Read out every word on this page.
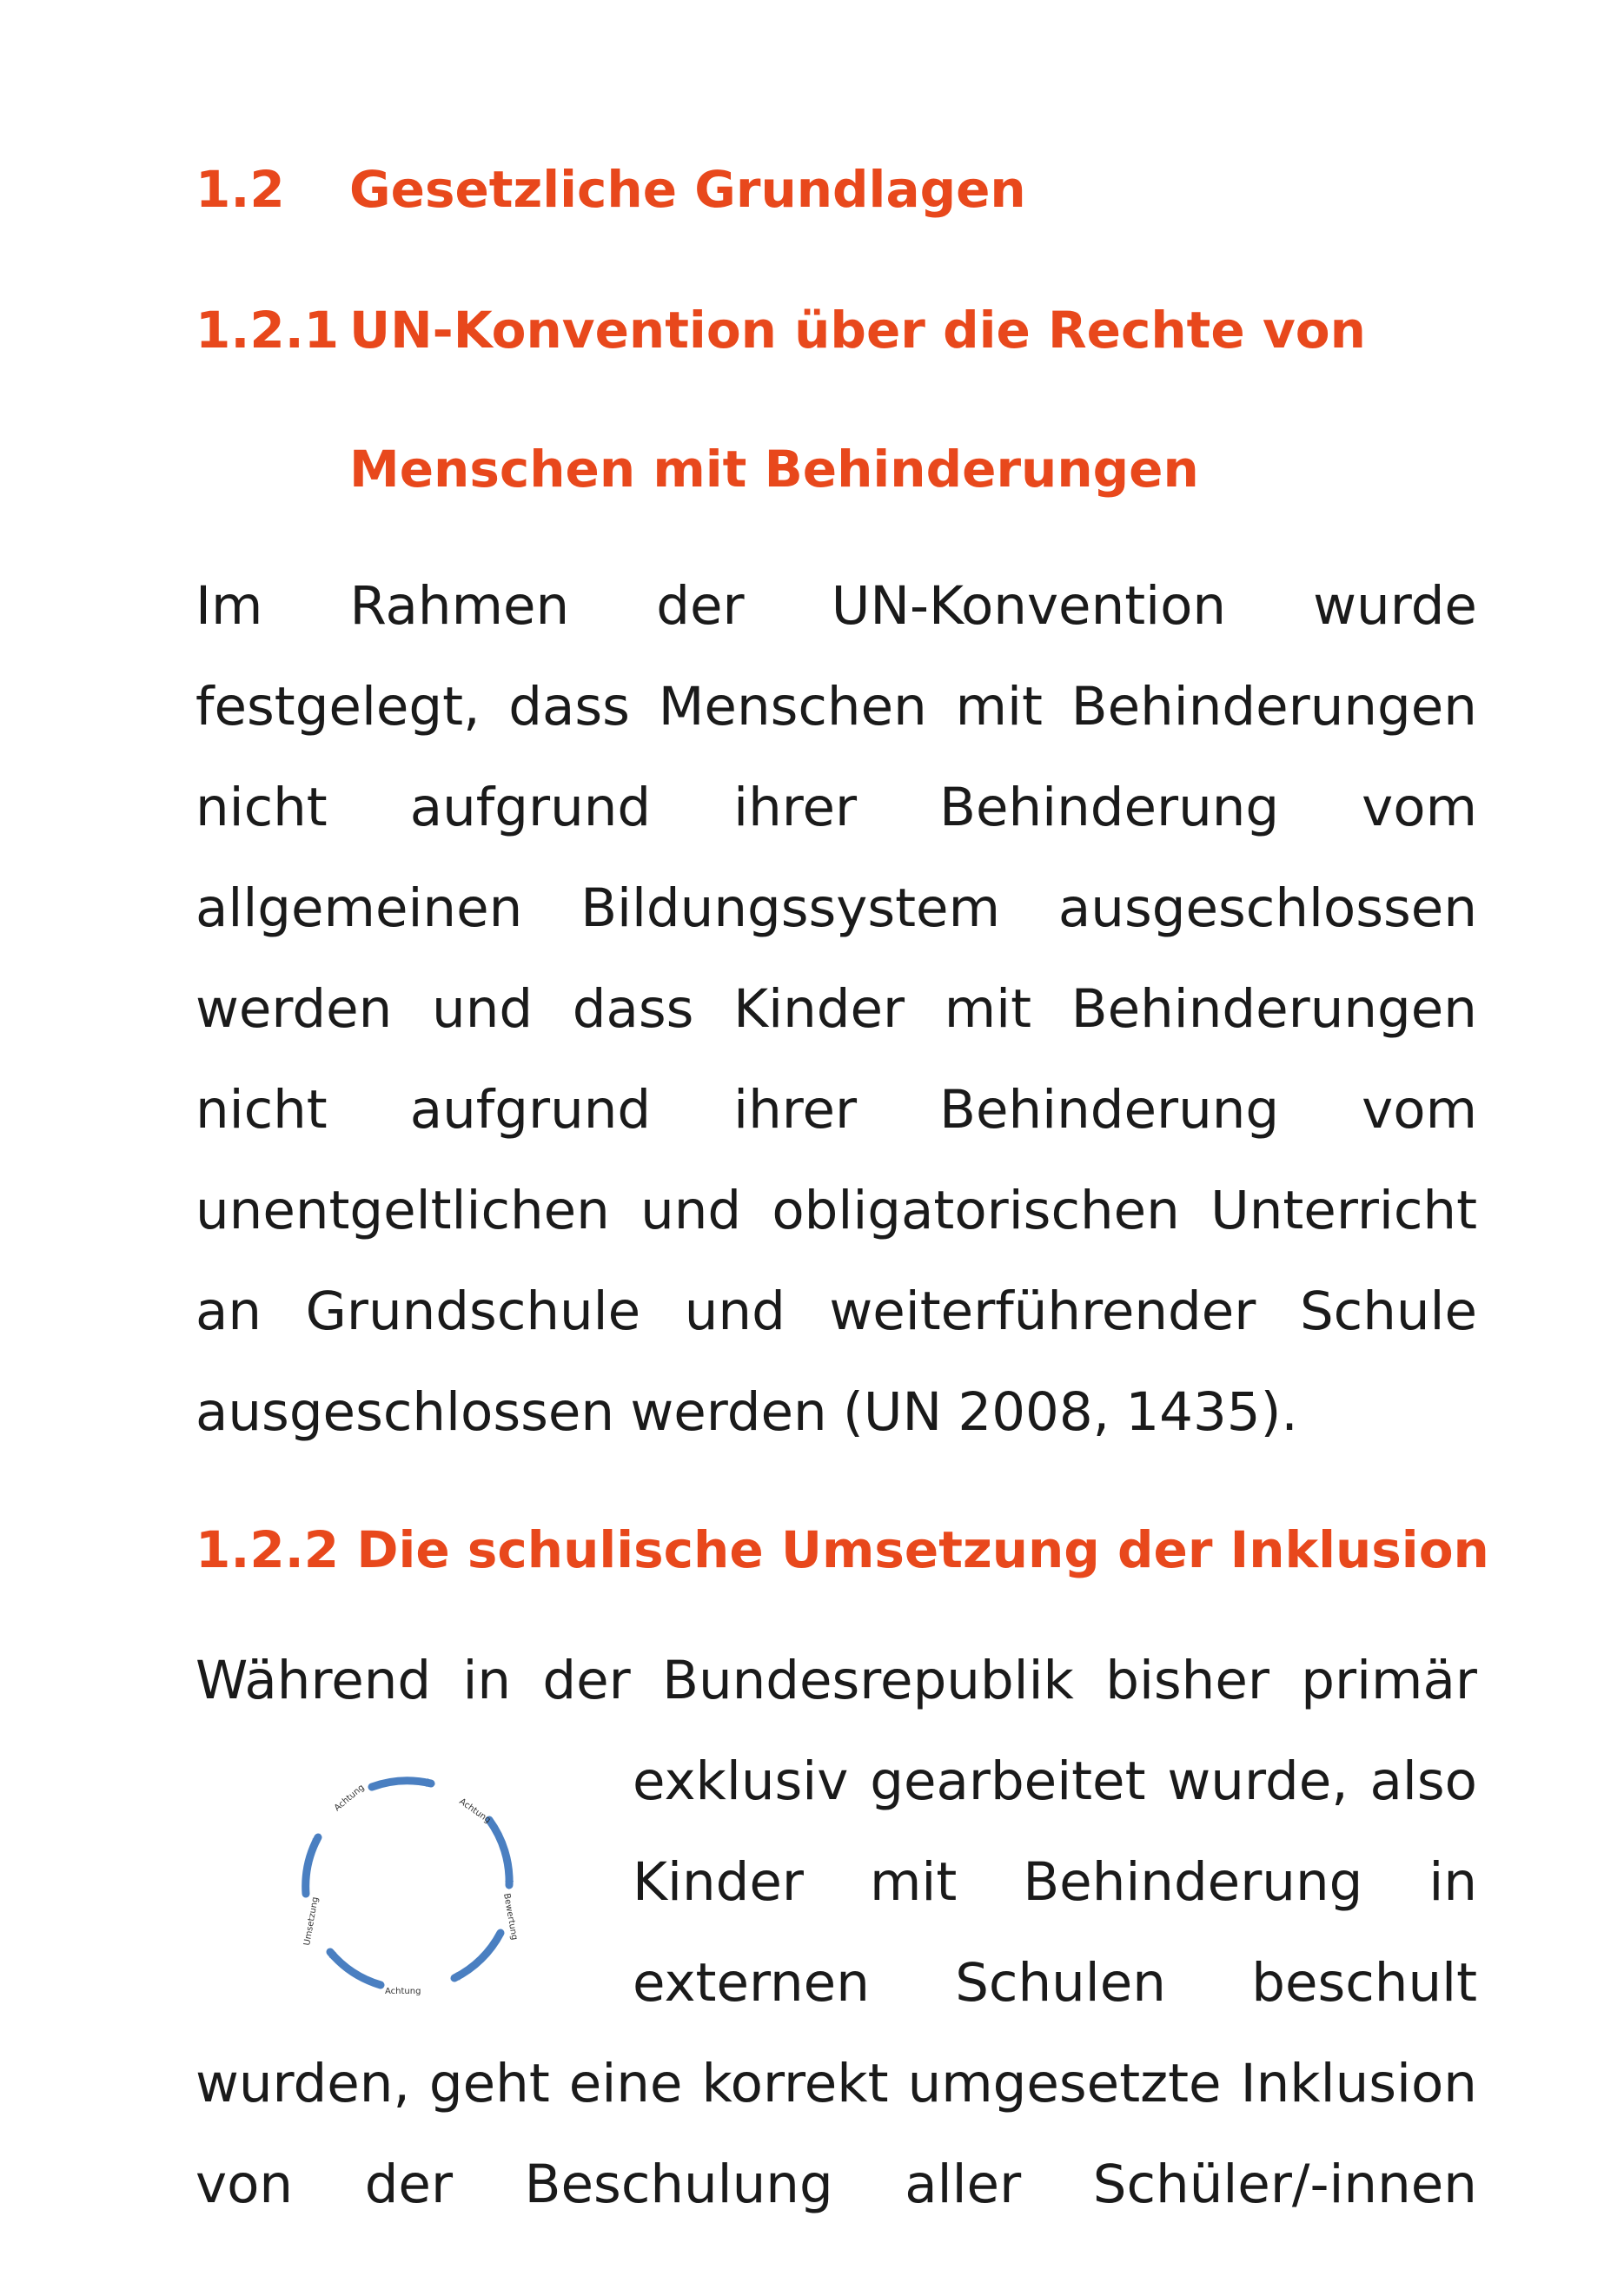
1.2 Gesetzliche Grundlagen
1.2.1 UN-Konvention über die Rechte von
Menschen mit Behinderungen
Im Rahmen der UN-Konvention wurde
festgelegt, dass Menschen mit Behinderungen
nicht aufgrund ihrer Behinderung vom
allgemeinen Bildungssystem ausgeschlossen
werden und dass Kinder mit Behinderungen
nicht aufgrund ihrer Behinderung vom
unentgeltlichen und obligatorischen Unterricht
an Grundschule und weiterführender Schule
ausgeschlossen werden (UN 2008, 1435).
1.2.2 Die schulische Umsetzung der Inklusion
Während in der Bundesrepublik bisher primär
exklusiv gearbeitet wurde, also
Kinder mit Behinderung in
externen Schulen beschult
wurden, geht eine korrekt umgesetzte Inklusion
von der Beschulung aller Schüler/-innen
Achtung	Achtung
Bewertung
Achtung
Umsetzung
